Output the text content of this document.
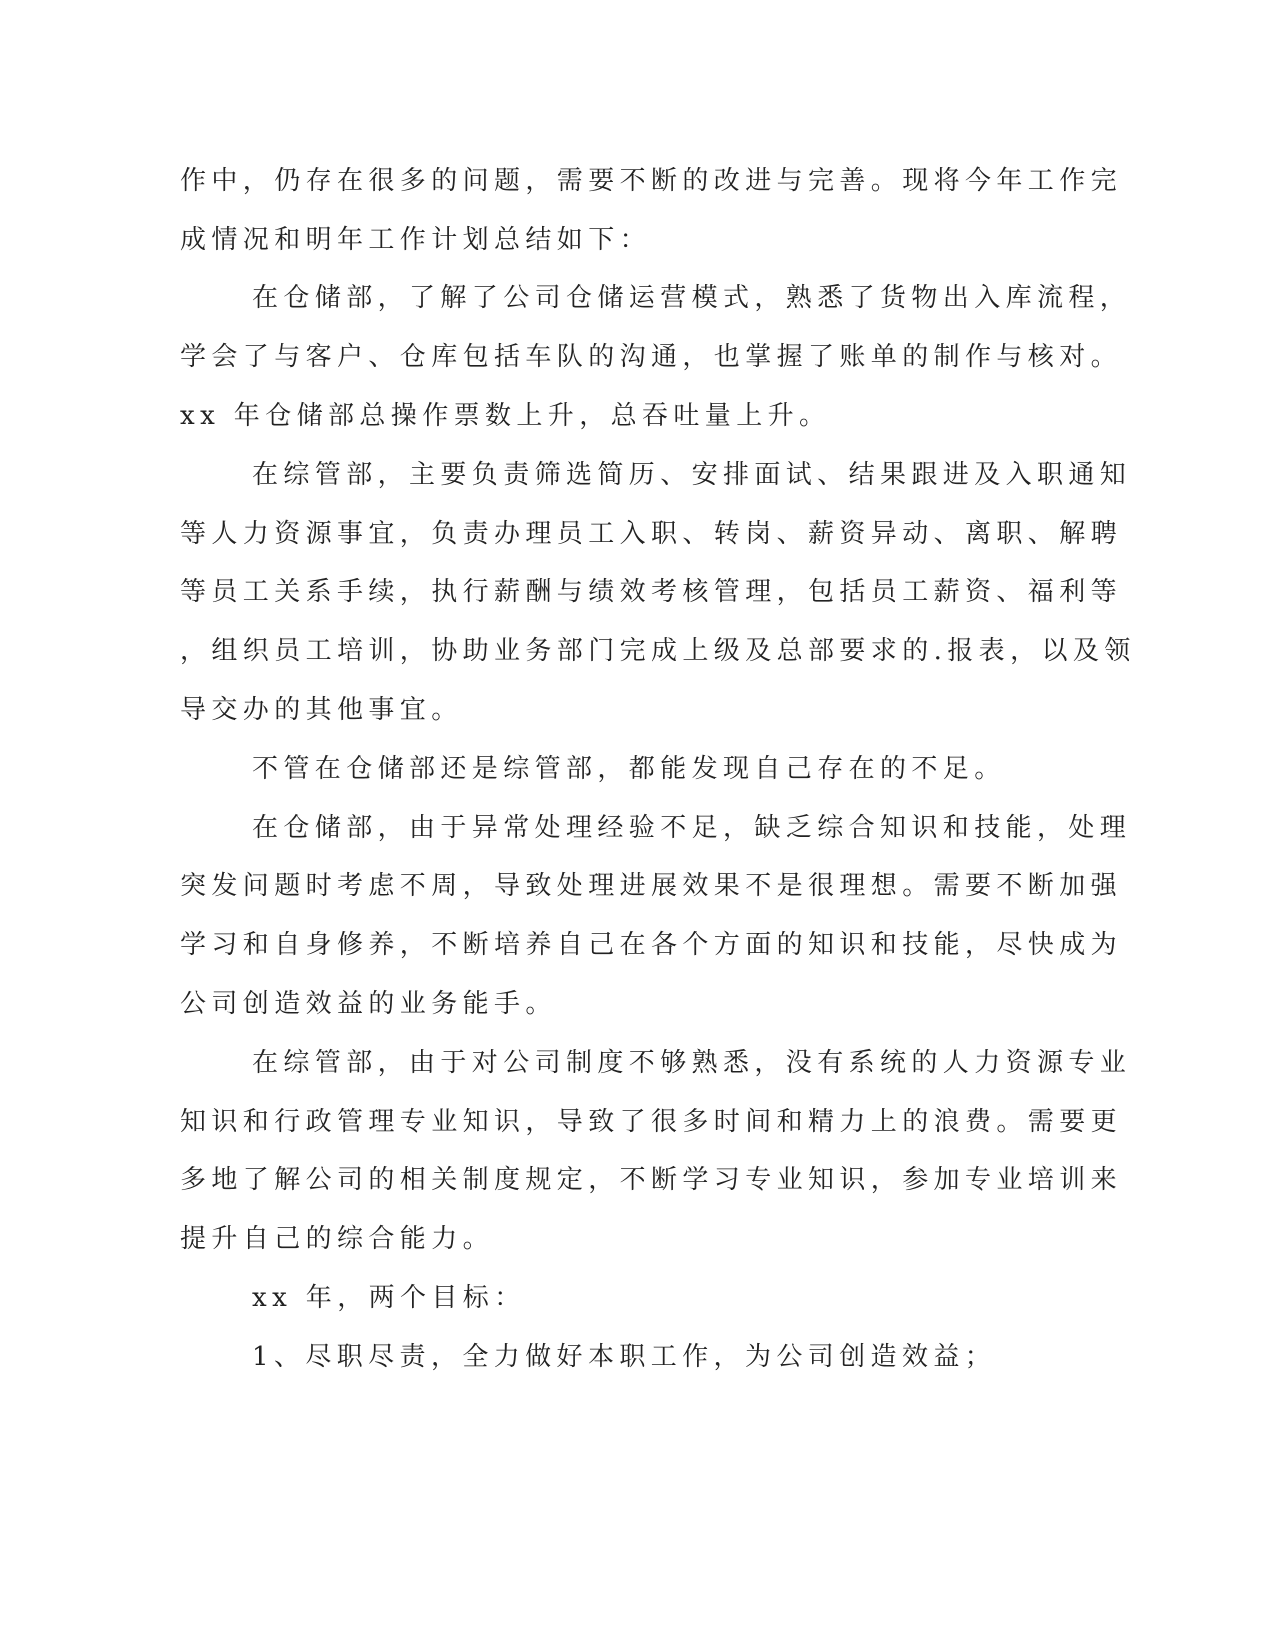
作中，仍存在很多的问题，需要不断的改进与完善。现将今年工作完
成情况和明年工作计划总结如下：
在仓储部，了解了公司仓储运营模式，熟悉了货物出入库流程，
学会了与客户、仓库包括车队的沟通，也掌握了账单的制作与核对。
xx 年仓储部总操作票数上升，总吞吐量上升。
在综管部，主要负责筛选简历、安排面试、结果跟进及入职通知
等人力资源事宜，负责办理员工入职、转岗、薪资异动、离职、解聘
等员工关系手续，执行薪酬与绩效考核管理，包括员工薪资、福利等
，组织员工培训，协助业务部门完成上级及总部要求的.报表，以及领
导交办的其他事宜。
不管在仓储部还是综管部，都能发现自己存在的不足。
在仓储部，由于异常处理经验不足，缺乏综合知识和技能，处理
突发问题时考虑不周，导致处理进展效果不是很理想。需要不断加强
学习和自身修养，不断培养自己在各个方面的知识和技能，尽快成为
公司创造效益的业务能手。
在综管部，由于对公司制度不够熟悉，没有系统的人力资源专业
知识和行政管理专业知识，导致了很多时间和精力上的浪费。需要更
多地了解公司的相关制度规定，不断学习专业知识，参加专业培训来
提升自己的综合能力。
xx 年，两个目标：
1、尽职尽责，全力做好本职工作，为公司创造效益；
